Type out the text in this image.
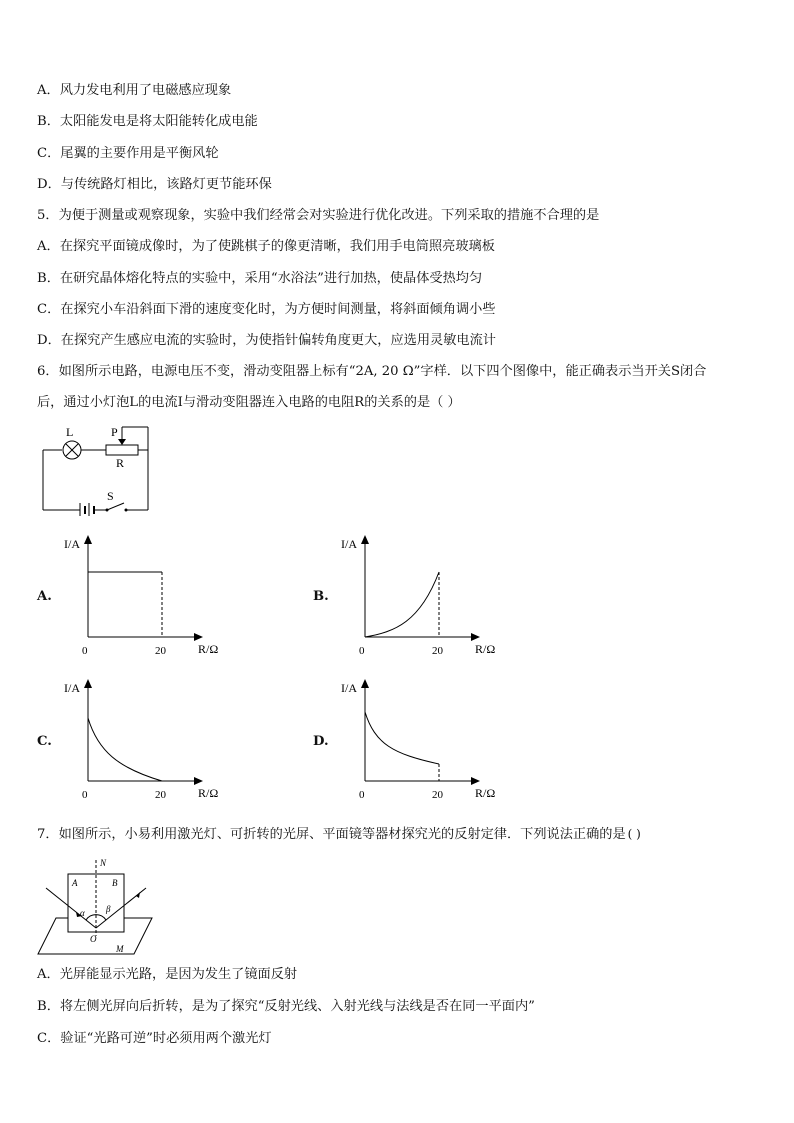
A．风力发电利用了电磁感应现象
B．太阳能发电是将太阳能转化成电能
C．尾翼的主要作用是平衡风轮
D．与传统路灯相比，该路灯更节能环保
5．为便于测量或观察现象，实验中我们经常会对实验进行优化改进。下列采取的措施不合理的是
A．在探究平面镜成像时，为了使跳棋子的像更清晰，我们用手电筒照亮玻璃板
B．在研究晶体熔化特点的实验中，采用“水浴法”进行加热，使晶体受热均匀
C．在探究小车沿斜面下滑的速度变化时，为方便时间测量，将斜面倾角调小些
D．在探究产生感应电流的实验时，为使指针偏转角度更大，应选用灵敏电流计
6．如图所示电路，电源电压不变，滑动变阻器上标有“2A, 20 Ω”字样．以下四个图像中，能正确表示当开关S闭合
后，通过小灯泡L的电流I与滑动变阻器连入电路的电阻R的关系的是（ ）
L	P
R
S
A.
I/A
R/Ω
0	20
B.
I/A
R/Ω
0	20
C.
I/A
R/Ω
0	20
D.
I/A
R/Ω
0	20
7．如图所示，小易利用激光灯、可折转的光屏、平面镜等器材探究光的反射定律．下列说法正确的是 ( )
N
A	B
α β
O
M
A．光屏能显示光路，是因为发生了镜面反射
B．将左侧光屏向后折转，是为了探究“反射光线、入射光线与法线是否在同一平面内”
C．验证“光路可逆”时必须用两个激光灯
